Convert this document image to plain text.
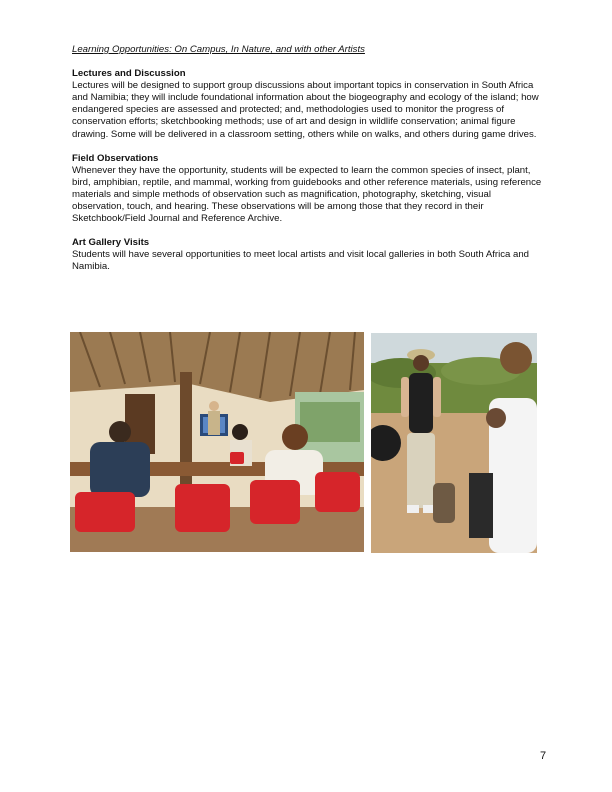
Learning Opportunities: On Campus, In Nature, and with other Artists

Lectures and Discussion

Lectures will be designed to support group discussions about important topics in conservation in South Africa and Namibia; they will include foundational information about the biogeography and ecology of the island; how endangered species are assessed and protected; and, methodologies used to monitor the progress of conservation efforts; sketchbooking methods; use of art and design in wildlife conservation; animal figure drawing. Some will be delivered in a classroom setting, others while on walks, and others during game drives.

Field Observations

Whenever they have the opportunity, students will be expected to learn the common species of insect, plant, bird, amphibian, reptile, and mammal, working from guidebooks and other reference materials, using reference materials and simple methods of observation such as magnification, photography, sketching, visual observation, touch, and hearing. These observations will be among those that they record in their Sketchbook/Field Journal and Reference Archive.

Art Gallery Visits

Students will have several opportunities to meet local artists and visit local galleries in both South Africa and Namibia.

7
